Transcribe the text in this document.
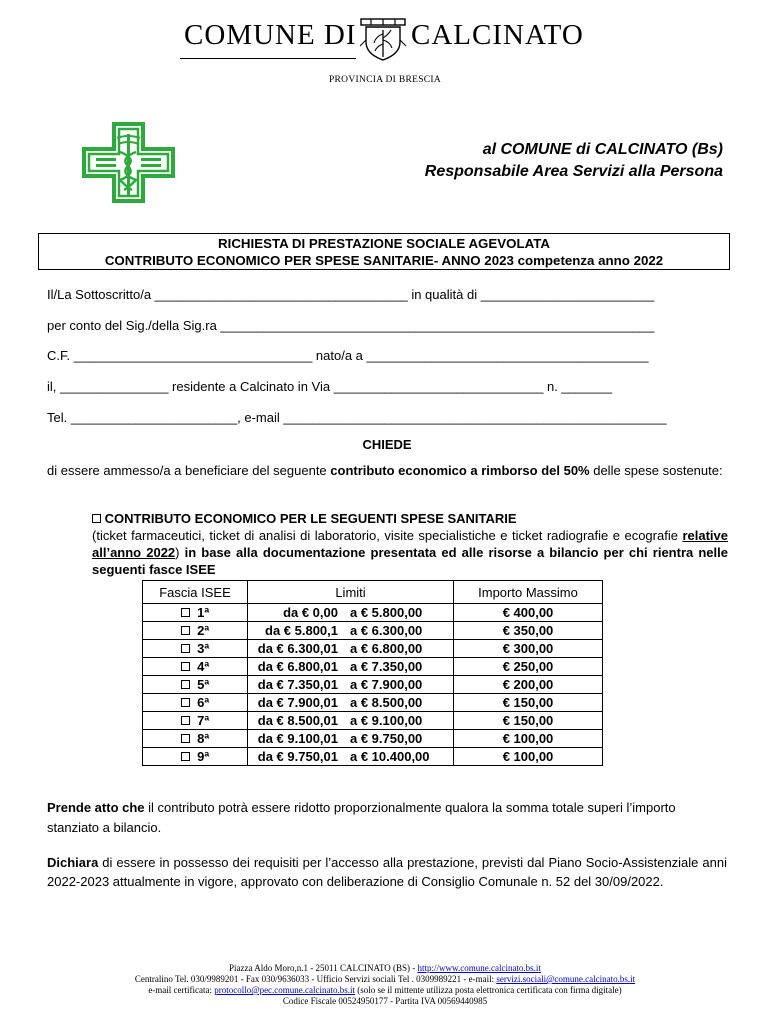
COMUNE DI CALCINATO
PROVINCIA DI BRESCIA
al COMUNE di CALCINATO (Bs)
Responsabile Area Servizi alla Persona
RICHIESTA DI PRESTAZIONE SOCIALE AGEVOLATA
CONTRIBUTO ECONOMICO PER SPESE SANITARIE- ANNO 2023 competenza anno 2022
Il/La Sottoscritto/a ___________________________________ in qualità di ________________________
per conto del Sig./della Sig.ra ____________________________________________________________
C.F. _________________________________ nato/a a _______________________________________
il, _______________ residente a Calcinato in Via _____________________________ n. _______
Tel. _______________________, e-mail _____________________________________________________
CHIEDE
di essere ammesso/a a beneficiare del seguente contributo economico a rimborso del 50% delle spese sostenute:
CONTRIBUTO ECONOMICO PER LE SEGUENTI SPESE SANITARIE
(ticket farmaceutici, ticket di analisi di laboratorio, visite specialistiche e ticket radiografie e ecografie relative all’anno 2022) in base alla documentazione presentata ed alle risorse a bilancio per chi rientra nelle seguenti fasce ISEE
Fascia ISEE	Limiti	Importo Massimo
1ª	da € 0,00 a € 5.800,00	€ 400,00
2ª	da € 5.800,1 a € 6.300,00	€ 350,00
3ª	da € 6.300,01 a € 6.800,00	€ 300,00
4ª	da € 6.800,01 a € 7.350,00	€ 250,00
5ª	da € 7.350,01 a € 7.900,00	€ 200,00
6ª	da € 7.900,01 a € 8.500,00	€ 150,00
7ª	da € 8.500,01 a € 9.100,00	€ 150,00
8ª	da € 9.100,01 a € 9.750,00	€ 100,00
9ª	da € 9.750,01 a € 10.400,00	€ 100,00
Prende atto che il contributo potrà essere ridotto proporzionalmente qualora la somma totale superi l’importo stanziato a bilancio.
Dichiara di essere in possesso dei requisiti per l’accesso alla prestazione, previsti dal Piano Socio-Assistenziale anni 2022-2023 attualmente in vigore, approvato con deliberazione di Consiglio Comunale n. 52 del 30/09/2022.
Piazza Aldo Moro,n.1 - 25011 CALCINATO (BS) - http://www.comune.calcinato.bs.it
Centralino Tel. 030/9989201 - Fax 030/9636033 - Ufficio Servizi sociali Tel . 0309989221 - e-mail: servizi.sociali@comune.calcinato.bs.it
e-mail certificata: protocollo@pec.comune.calcinato.bs.it (solo se il mittente utilizza posta elettronica certificata con firma digitale)
Codice Fiscale 00524950177 - Partita IVA 00569440985
